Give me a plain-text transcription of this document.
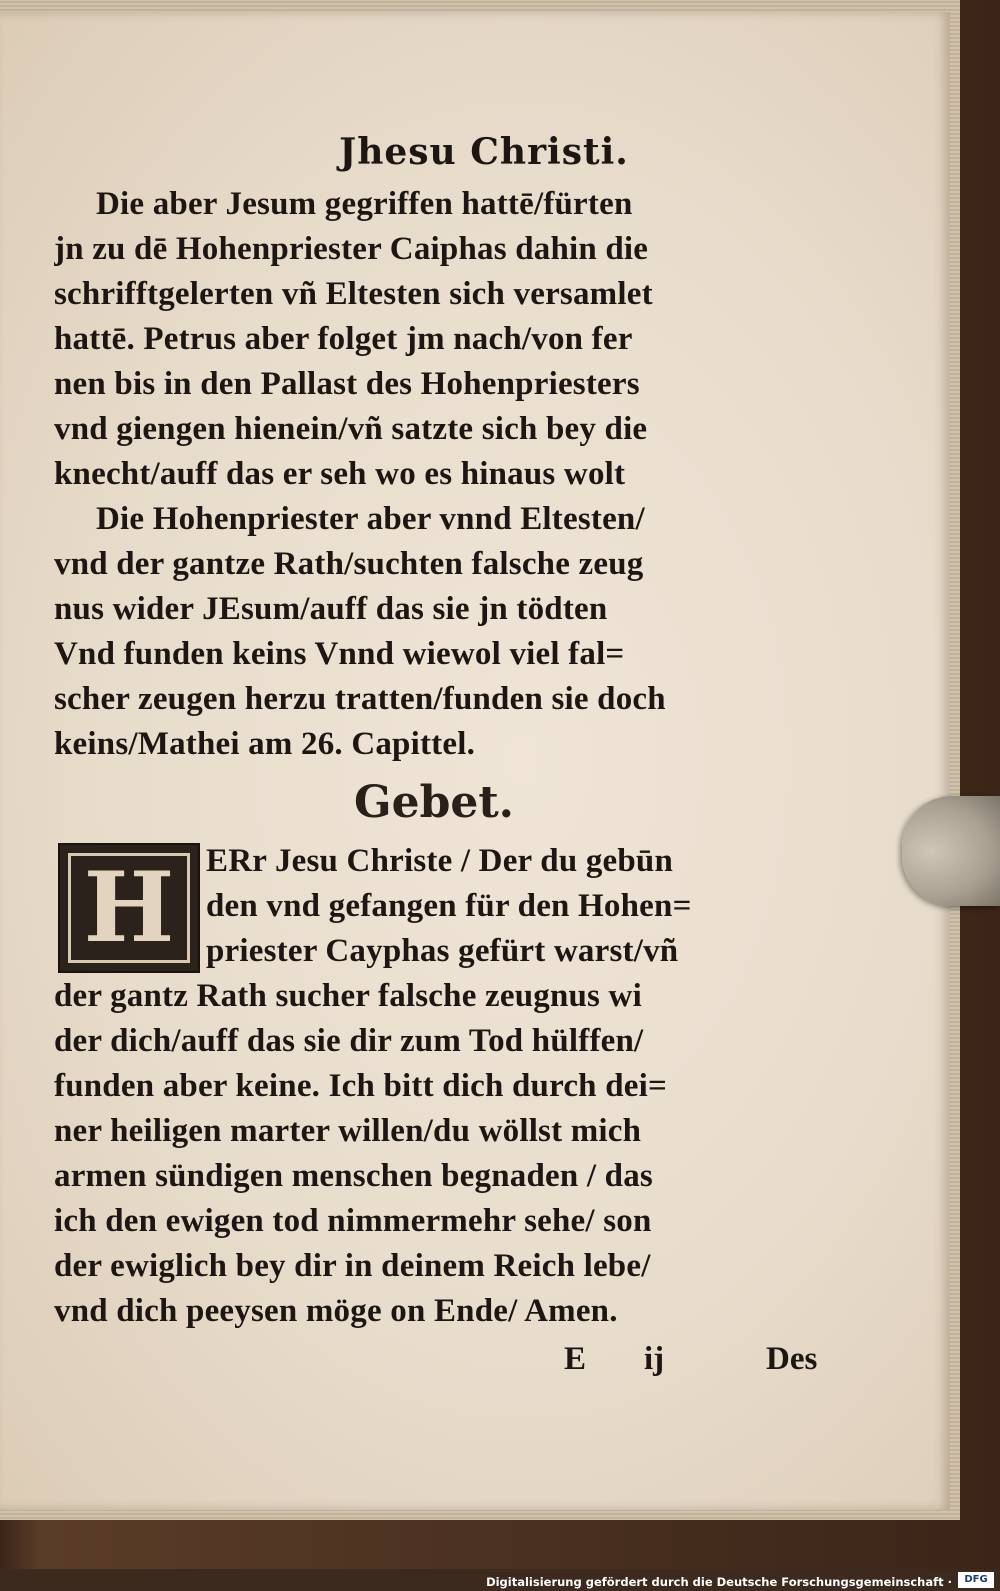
Jhesu Christi.
Die aber Jesum gegriffen hattē/fürten
jn zu dē Hohenpriester Caiphas dahin die
schrifftgelerten vñ Eltesten sich versamlet
hattē. Petrus aber folget jm nach/von fer
nen bis in den Pallast des Hohenpriesters
vnd giengen hienein/vñ satzte sich bey die
knecht/auff das er seh wo es hinaus wolt
Die Hohenpriester aber vnnd Eltesten/
vnd der gantze Rath/suchten falsche zeug
nus wider JEsum/auff das sie jn tödten
Vnd funden keins Vnnd wiewol viel fal=
scher zeugen herzu tratten/funden sie doch
keins/Mathei am 26. Capittel.
Gebet.
H ERr Jesu Christe / Der du gebūn
den vnd gefangen für den Hohen=
priester Cayphas gefürt warst/vñ
der gantz Rath sucher falsche zeugnus wi
der dich/auff das sie dir zum Tod hülffen/
funden aber keine. Ich bitt dich durch dei=
ner heiligen marter willen/du wöllst mich
armen sündigen menschen begnaden / das
ich den ewigen tod nimmermehr sehe/ son
der ewiglich bey dir in deinem Reich lebe/
vnd dich peeysen möge on Ende/ Amen.
E ij	Des
Digitalisierung gefördert durch die Deutsche Forschungsgemeinschaft ·	DFG
